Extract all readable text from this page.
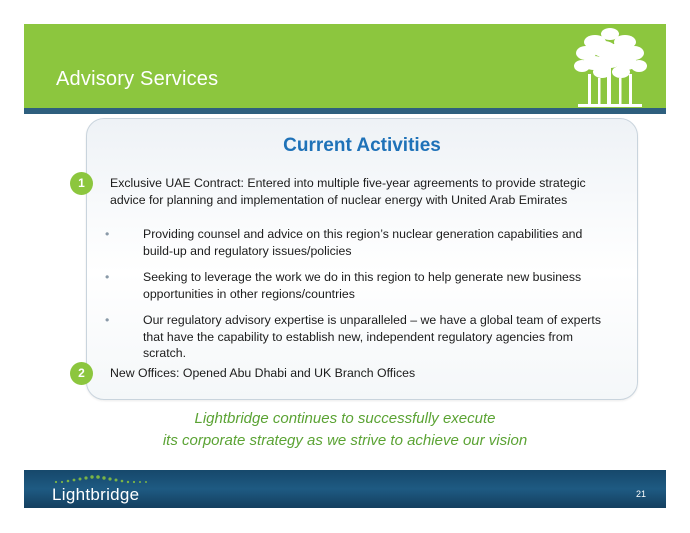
Advisory Services
Current Activities
1	Exclusive UAE Contract: Entered into multiple five-year agreements to provide strategic advice for planning and implementation of nuclear energy with United Arab Emirates
•	Providing counsel and advice on this region’s nuclear generation capabilities and build-up and regulatory issues/policies
•	Seeking to leverage the work we do in this region to help generate new business opportunities in other regions/countries
•	Our regulatory advisory expertise is unparalleled – we have a global team of experts that have the capability to establish new, independent regulatory agencies from scratch.
2	New Offices: Opened Abu Dhabi and UK Branch Offices
Lightbridge continues to successfully execute
its corporate strategy as we strive to achieve our vision
Lightbridge	21
